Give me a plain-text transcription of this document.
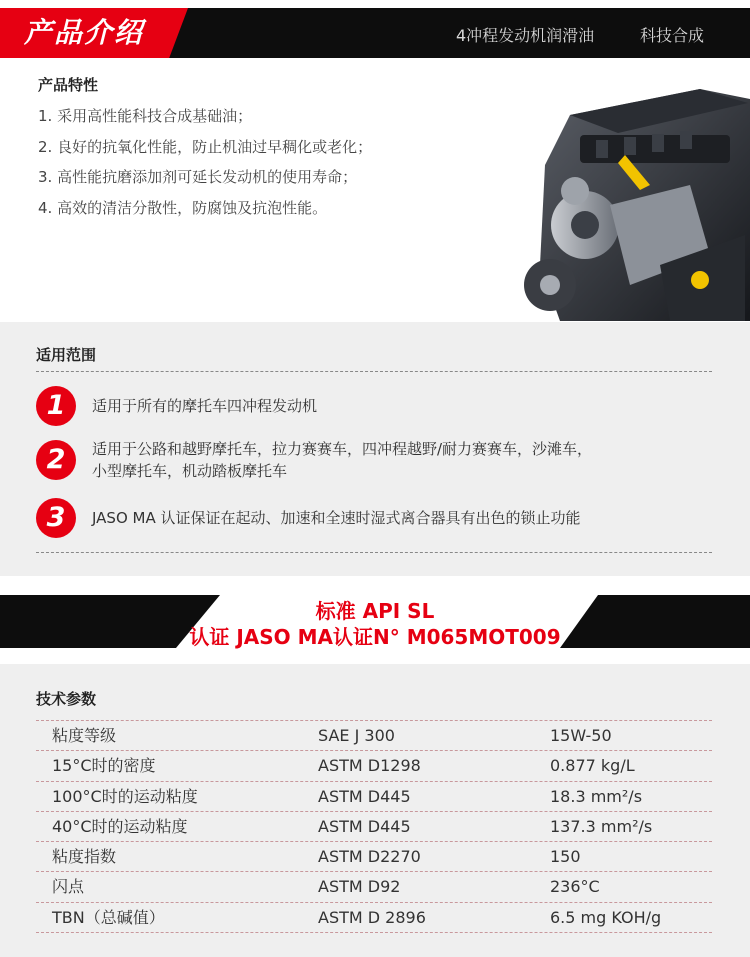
产品介绍	4冲程发动机润滑油	科技合成
产品特性
1. 采用高性能科技合成基础油；
2. 良好的抗氧化性能，防止机油过早稠化或老化；
3. 高性能抗磨添加剂可延长发动机的使用寿命；
4. 高效的清洁分散性，防腐蚀及抗泡性能。
适用范围
1	适用于所有的摩托车四冲程发动机
2	适用于公路和越野摩托车，拉力赛赛车，四冲程越野/耐力赛赛车，沙滩车，
小型摩托车，机动踏板摩托车
3	JASO MA 认证保证在起动、加速和全速时湿式离合器具有出色的锁止功能
标准 API SL
认证 JASO MA认证N° M065MOT009
技术参数
粘度等级	SAE J 300	15W-50
15°C时的密度	ASTM D1298	0.877 kg/L
100°C时的运动粘度	ASTM D445	18.3 mm²/s
40°C时的运动粘度	ASTM D445	137.3 mm²/s
粘度指数	ASTM D2270	150
闪点	ASTM D92	236°C
TBN（总碱值）	ASTM D 2896	6.5 mg KOH/g
